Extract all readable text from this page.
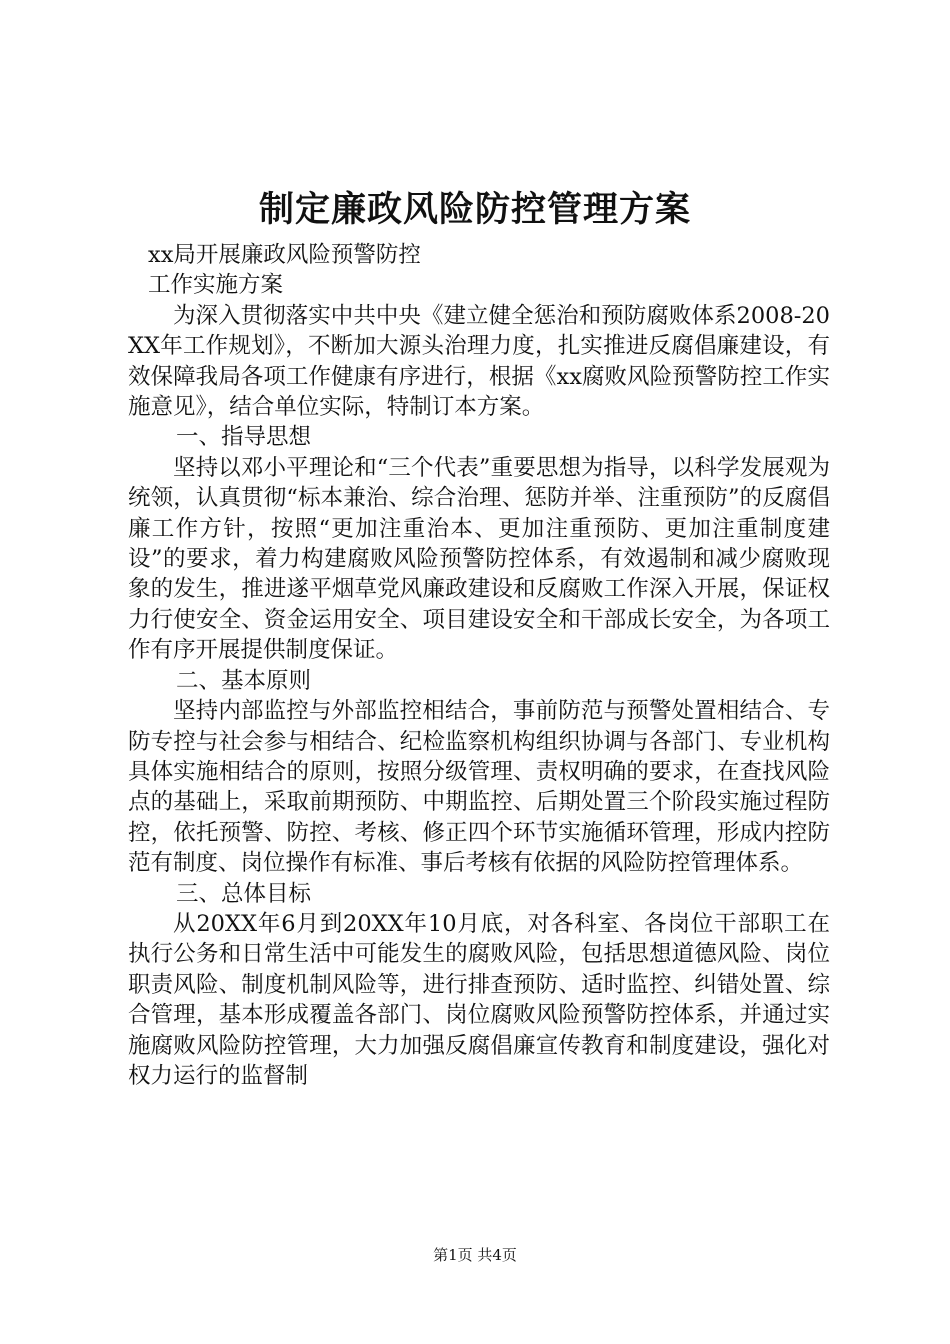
制定廉政风险防控管理方案

xx局开展廉政风险预警防控

工作实施方案

为深入贯彻落实中共中央《建立健全惩治和预防腐败体系2008-20XX年工作规划》，不断加大源头治理力度，扎实推进反腐倡廉建设，有效保障我局各项工作健康有序进行，根据《xx腐败风险预警防控工作实施意见》，结合单位实际，特制订本方案。

一、指导思想

坚持以邓小平理论和“三个代表”重要思想为指导，以科学发展观为统领，认真贯彻“标本兼治、综合治理、惩防并举、注重预防”的反腐倡廉工作方针，按照“更加注重治本、更加注重预防、更加注重制度建设”的要求，着力构建腐败风险预警防控体系，有效遏制和减少腐败现象的发生，推进遂平烟草党风廉政建设和反腐败工作深入开展，保证权力行使安全、资金运用安全、项目建设安全和干部成长安全，为各项工作有序开展提供制度保证。

二、基本原则

坚持内部监控与外部监控相结合，事前防范与预警处置相结合、专防专控与社会参与相结合、纪检监察机构组织协调与各部门、专业机构具体实施相结合的原则，按照分级管理、责权明确的要求，在查找风险点的基础上，采取前期预防、中期监控、后期处置三个阶段实施过程防控，依托预警、防控、考核、修正四个环节实施循环管理，形成内控防范有制度、岗位操作有标准、事后考核有依据的风险防控管理体系。

三、总体目标

从20XX年6月到20XX年10月底，对各科室、各岗位干部职工在执行公务和日常生活中可能发生的腐败风险，包括思想道德风险、岗位职责风险、制度机制风险等，进行排查预防、适时监控、纠错处置、综合管理，基本形成覆盖各部门、岗位腐败风险预警防控体系，并通过实施腐败风险防控管理，大力加强反腐倡廉宣传教育和制度建设，强化对权力运行的监督制

第1页 共4页
